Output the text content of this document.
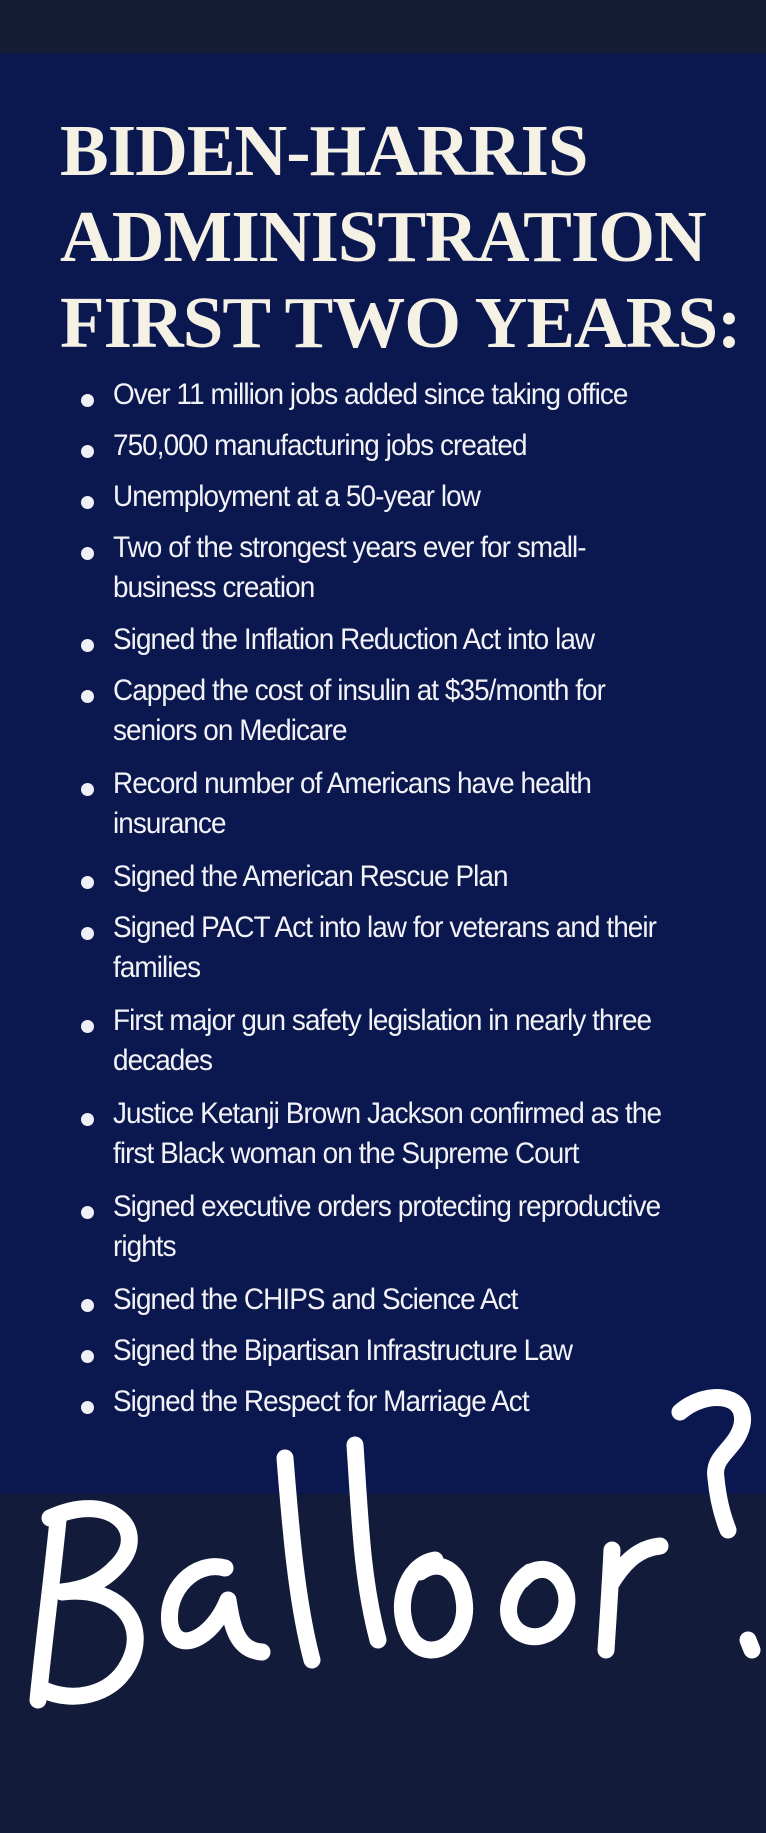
BIDEN-HARRIS
ADMINISTRATION
FIRST TWO YEARS:
Over 11 million jobs added since taking office
750,000 manufacturing jobs created
Unemployment at a 50-year low
Two of the strongest years ever for small-business creation
Signed the Inflation Reduction Act into law
Capped the cost of insulin at $35/month for seniors on Medicare
Record number of Americans have health insurance
Signed the American Rescue Plan
Signed PACT Act into law for veterans and their families
First major gun safety legislation in nearly three decades
Justice Ketanji Brown Jackson confirmed as the first Black woman on the Supreme Court
Signed executive orders protecting reproductive rights
Signed the CHIPS and Science Act
Signed the Bipartisan Infrastructure Law
Signed the Respect for Marriage Act
